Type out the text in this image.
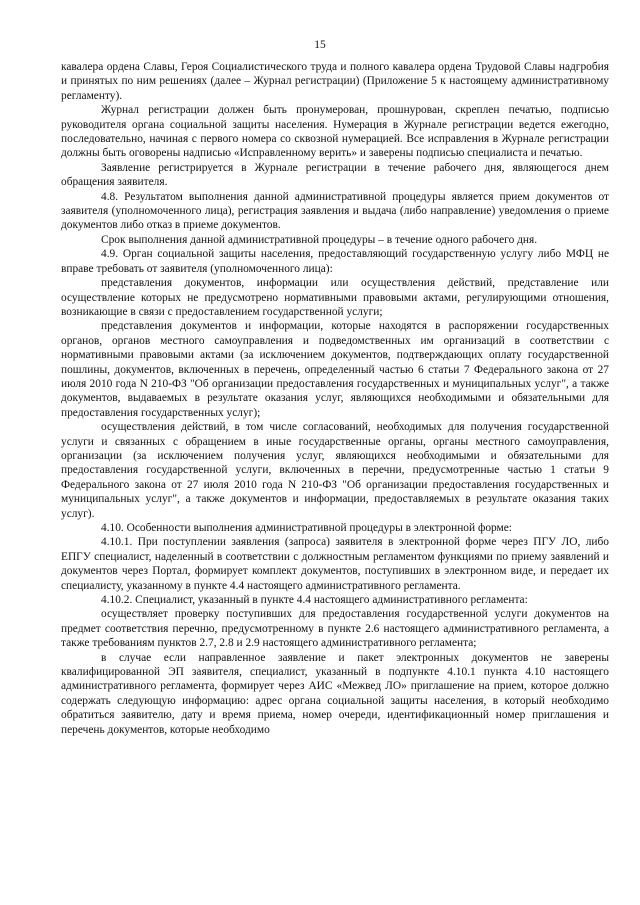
15

кавалера ордена Славы, Героя Социалистического труда и полного кавалера ордена Трудовой Славы надгробия и принятых по ним решениях (далее – Журнал регистрации) (Приложение 5 к настоящему административному регламенту).

Журнал регистрации должен быть пронумерован, прошнурован, скреплен печатью, подписью руководителя органа социальной защиты населения. Нумерация в Журнале регистрации ведется ежегодно, последовательно, начиная с первого номера со сквозной нумерацией. Все исправления в Журнале регистрации должны быть оговорены надписью «Исправленному верить» и заверены подписью специалиста и печатью.

Заявление регистрируется в Журнале регистрации в течение рабочего дня, являющегося днем обращения заявителя.

4.8. Результатом выполнения данной административной процедуры является прием документов от заявителя (уполномоченного лица), регистрация заявления и выдача (либо направление) уведомления о приеме документов либо отказ в приеме документов.

Срок выполнения данной административной процедуры – в течение одного рабочего дня.

4.9. Орган социальной защиты населения, предоставляющий государственную услугу либо МФЦ не вправе требовать от заявителя (уполномоченного лица):

представления документов, информации или осуществления действий, представление или осуществление которых не предусмотрено нормативными правовыми актами, регулирующими отношения, возникающие в связи с предоставлением государственной услуги;

представления документов и информации, которые находятся в распоряжении государственных органов, органов местного самоуправления и подведомственных им организаций в соответствии с нормативными правовыми актами (за исключением документов, подтверждающих оплату государственной пошлины, документов, включенных в перечень, определенный частью 6 статьи 7 Федерального закона от 27 июля 2010 года N 210-ФЗ "Об организации предоставления государственных и муниципальных услуг", а также документов, выдаваемых в результате оказания услуг, являющихся необходимыми и обязательными для предоставления государственных услуг);

осуществления действий, в том числе согласований, необходимых для получения государственной услуги и связанных с обращением в иные государственные органы, органы местного самоуправления, организации (за исключением получения услуг, являющихся необходимыми и обязательными для предоставления государственной услуги, включенных в перечни, предусмотренные частью 1 статьи 9 Федерального закона от 27 июля 2010 года N 210-ФЗ "Об организации предоставления государственных и муниципальных услуг", а также документов и информации, предоставляемых в результате оказания таких услуг).

4.10. Особенности выполнения административной процедуры в электронной форме:

4.10.1. При поступлении заявления (запроса) заявителя в электронной форме через ПГУ ЛО, либо ЕПГУ специалист, наделенный в соответствии с должностным регламентом функциями по приему заявлений и документов через Портал, формирует комплект документов, поступивших в электронном виде, и передает их специалисту, указанному в пункте 4.4 настоящего административного регламента.

4.10.2. Специалист, указанный в пункте 4.4 настоящего административного регламента:

осуществляет проверку поступивших для предоставления государственной услуги документов на предмет соответствия перечню, предусмотренному в пункте 2.6 настоящего административного регламента, а также требованиям пунктов 2.7, 2.8 и 2.9 настоящего административного регламента;

в случае если направленное заявление и пакет электронных документов не заверены квалифицированной ЭП заявителя, специалист, указанный в подпункте 4.10.1 пункта 4.10 настоящего административного регламента, формирует через АИС «Межвед ЛО» приглашение на прием, которое должно содержать следующую информацию: адрес органа социальной защиты населения, в который необходимо обратиться заявителю, дату и время приема, номер очереди, идентификационный номер приглашения и перечень документов, которые необходимо
